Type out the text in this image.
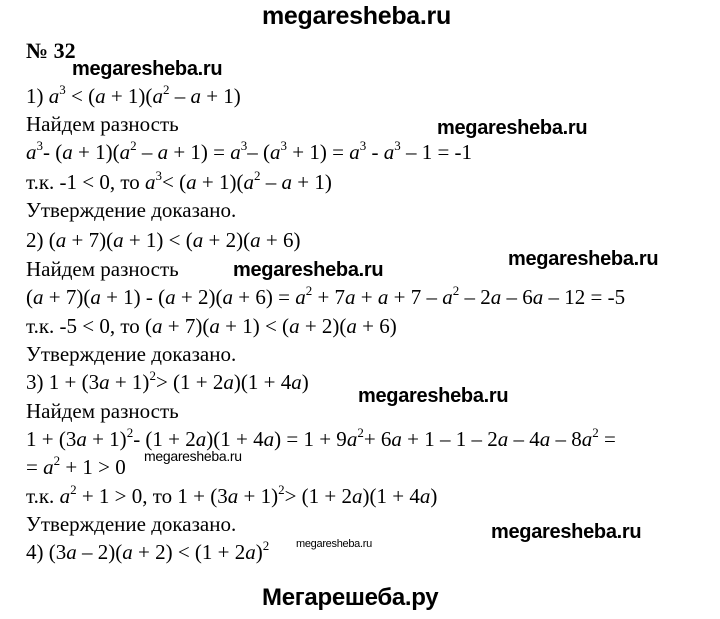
megaresheba.ru
Мегарешеба.ру
№ 32
1) $a^3 < (a + 1)(a^2 - a + 1)$
Найдем разность
$a^3-$ $(a + 1)(a^2 - a + 1) = a^3-$ $(a^3 + 1) = a^3 - a^3 - 1 = -1$
т.к. -1 < 0, то $a^3< (a + 1)(a^2 - a + 1)$
Утверждение доказано.
2) (a + 7)(a + 1) < (a + 2)(a + 6)
Найдем разность
$(a + 7)(a + 1) - (a + 2)(a + 6) = a^2 + 7a + a + 7 - a^2 - 2a - 6a - 12 = -5$
т.к. -5 < 0, то (a + 7)(a + 1) < (a + 2)(a + 6)
Утверждение доказано.
3) $1 + (3a + 1)^2> (1 + 2a)(1 + 4a)$
Найдем разность
$1 + (3a + 1)^2-$ $(1 + 2a)(1 + 4a) = 1 + 9a^2+ 6a + 1 - 1 - 2a - 4a - 8a^2$ =
= $a^2 + 1 > 0$
т.к. $a^2 + 1 > 0$, то $1 + (3a + 1)^2> (1 + 2a)(1 + 4a)$
Утверждение доказано.
4) $(3a - 2)(a + 2) < (1 + 2a)^2$
megaresheba.ru
megaresheba.ru
megaresheba.ru	megaresheba.ru
megaresheba.ru
megaresheba.ru
megaresheba.ru
megaresheba.ru
